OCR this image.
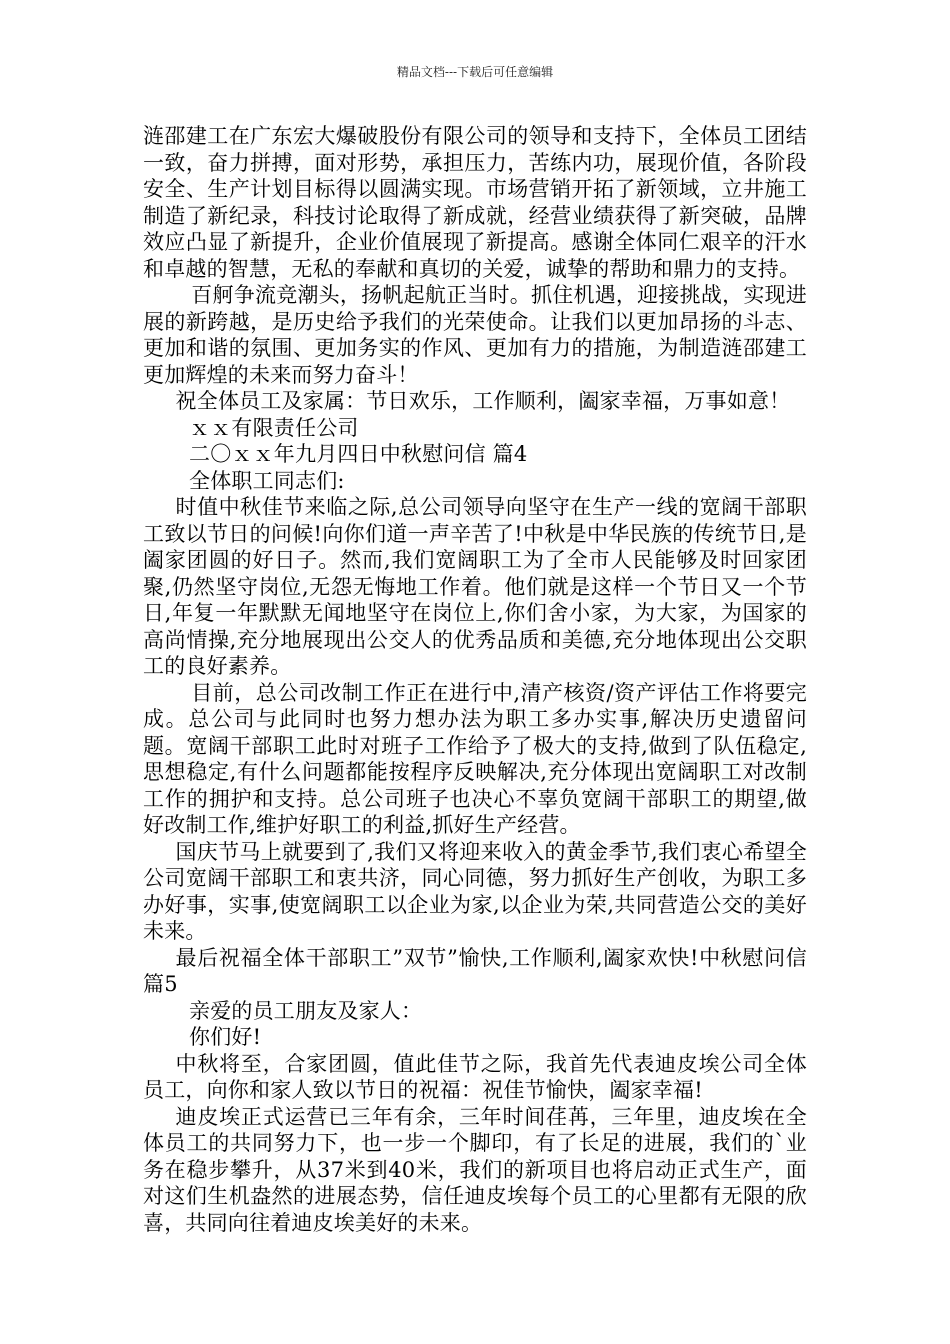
精品文档---下载后可任意编辑

涟邵建工在广东宏大爆破股份有限公司的领导和支持下，全体员工团结一致，奋力拼搏，面对形势，承担压力，苦练内功，展现价值，各阶段安全、生产计划目标得以圆满实现。市场营销开拓了新领域，立井施工制造了新纪录，科技讨论取得了新成就，经营业绩获得了新突破，品牌效应凸显了新提升，企业价值展现了新提高。感谢全体同仁艰辛的汗水和卓越的智慧，无私的奉献和真切的关爱，诚挚的帮助和鼎力的支持。

百舸争流竞潮头，扬帆起航正当时。抓住机遇，迎接挑战，实现进展的新跨越，是历史给予我们的光荣使命。让我们以更加昂扬的斗志、更加和谐的氛围、更加务实的作风、更加有力的措施，为制造涟邵建工更加辉煌的未来而努力奋斗！

祝全体员工及家属：节日欢乐，工作顺利，阖家幸福，万事如意！

ｘｘ有限责任公司

二〇ｘｘ年九月四日中秋慰问信 篇4

全体职工同志们:

时值中秋佳节来临之际,总公司领导向坚守在生产一线的宽阔干部职工致以节日的问候!向你们道一声辛苦了!中秋是中华民族的传统节日,是阖家团圆的好日子。然而,我们宽阔职工为了全市人民能够及时回家团聚,仍然坚守岗位,无怨无悔地工作着。他们就是这样一个节日又一个节日,年复一年默默无闻地坚守在岗位上,你们舍小家，为大家，为国家的高尚情操,充分地展现出公交人的优秀品质和美德,充分地体现出公交职工的良好素养。

目前，总公司改制工作正在进行中,清产核资/资产评估工作将要完成。总公司与此同时也努力想办法为职工多办实事,解决历史遗留问题。宽阔干部职工此时对班子工作给予了极大的支持,做到了队伍稳定,思想稳定,有什么问题都能按程序反映解决,充分体现出宽阔职工对改制工作的拥护和支持。总公司班子也决心不辜负宽阔干部职工的期望,做好改制工作,维护好职工的利益,抓好生产经营。

国庆节马上就要到了,我们又将迎来收入的黄金季节,我们衷心希望全公司宽阔干部职工和衷共济，同心同德，努力抓好生产创收，为职工多办好事，实事,使宽阔职工以企业为家,以企业为荣,共同营造公交的美好未来。

最后祝福全体干部职工”双节”愉快,工作顺利,阖家欢快!中秋慰问信 篇5

亲爱的员工朋友及家人：

你们好!

中秋将至，合家团圆，值此佳节之际，我首先代表迪皮埃公司全体员工，向你和家人致以节日的祝福：祝佳节愉快，阖家幸福!

迪皮埃正式运营已三年有余，三年时间荏苒，三年里，迪皮埃在全体员工的共同努力下，也一步一个脚印，有了长足的进展，我们的`业务在稳步攀升，从37米到40米，我们的新项目也将启动正式生产，面对这们生机盎然的进展态势，信任迪皮埃每个员工的心里都有无限的欣喜，共同向往着迪皮埃美好的未来。
